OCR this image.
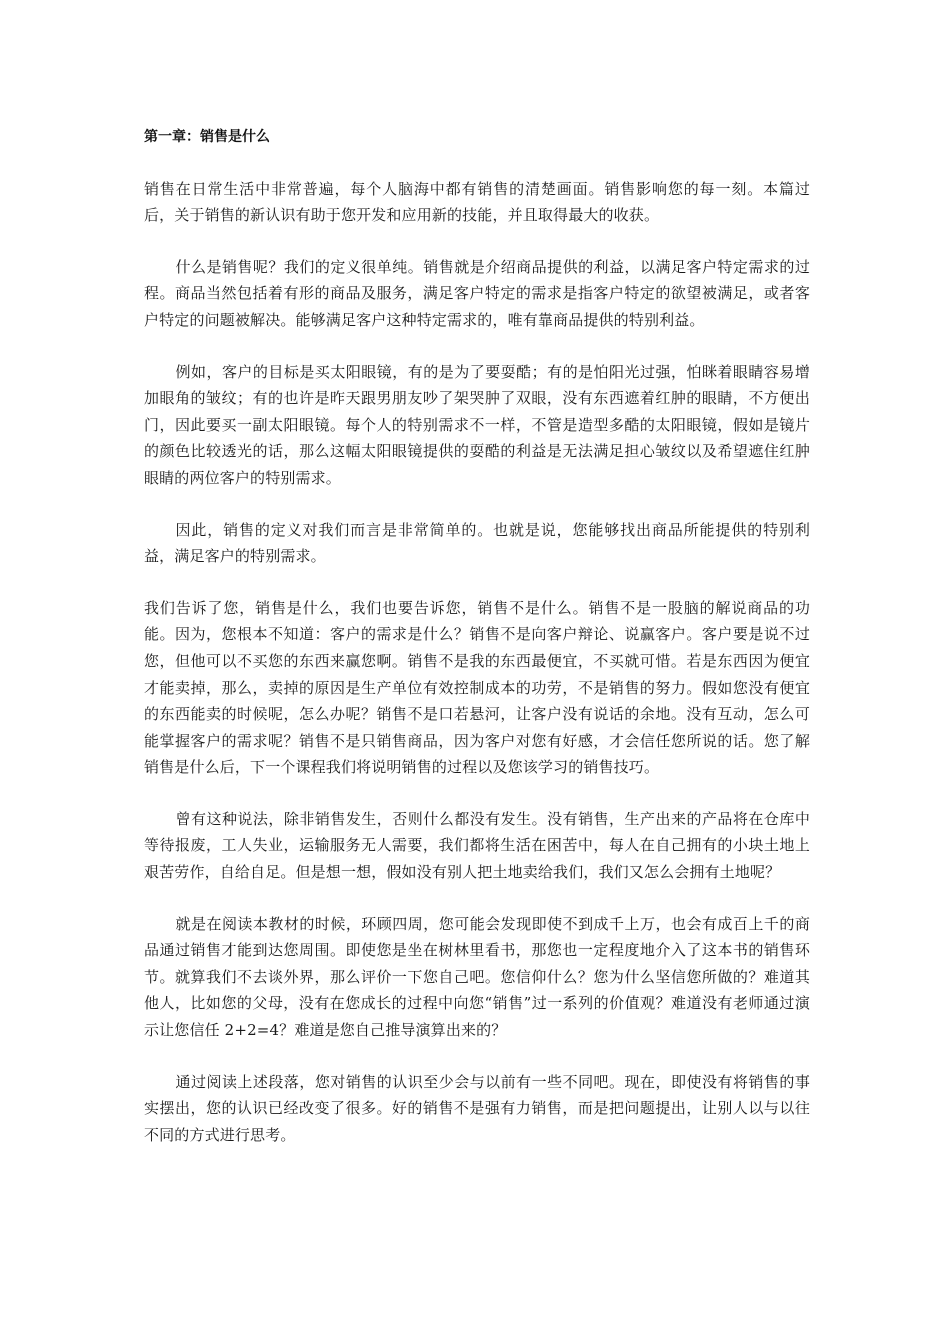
第一章：销售是什么

销售在日常生活中非常普遍，每个人脑海中都有销售的清楚画面。销售影响您的每一刻。本篇过后，关于销售的新认识有助于您开发和应用新的技能，并且取得最大的收获。

什么是销售呢？我们的定义很单纯。销售就是介绍商品提供的利益，以满足客户特定需求的过程。商品当然包括着有形的商品及服务，满足客户特定的需求是指客户特定的欲望被满足，或者客户特定的问题被解决。能够满足客户这种特定需求的，唯有靠商品提供的特别利益。

例如，客户的目标是买太阳眼镜，有的是为了要耍酷；有的是怕阳光过强，怕眯着眼睛容易增加眼角的皱纹；有的也许是昨天跟男朋友吵了架哭肿了双眼，没有东西遮着红肿的眼睛，不方便出门，因此要买一副太阳眼镜。每个人的特别需求不一样，不管是造型多酷的太阳眼镜，假如是镜片的颜色比较透光的话，那么这幅太阳眼镜提供的耍酷的利益是无法满足担心皱纹以及希望遮住红肿眼睛的两位客户的特别需求。

因此，销售的定义对我们而言是非常简单的。也就是说，您能够找出商品所能提供的特别利益，满足客户的特别需求。

我们告诉了您，销售是什么，我们也要告诉您，销售不是什么。销售不是一股脑的解说商品的功能。因为，您根本不知道：客户的需求是什么？销售不是向客户辩论、说赢客户。客户要是说不过您，但他可以不买您的东西来赢您啊。销售不是我的东西最便宜，不买就可惜。若是东西因为便宜才能卖掉，那么，卖掉的原因是生产单位有效控制成本的功劳，不是销售的努力。假如您没有便宜的东西能卖的时候呢，怎么办呢？销售不是口若悬河，让客户没有说话的余地。没有互动，怎么可能掌握客户的需求呢？销售不是只销售商品，因为客户对您有好感，才会信任您所说的话。您了解销售是什么后，下一个课程我们将说明销售的过程以及您该学习的销售技巧。

曾有这种说法，除非销售发生，否则什么都没有发生。没有销售，生产出来的产品将在仓库中等待报废，工人失业，运输服务无人需要，我们都将生活在困苦中，每人在自己拥有的小块土地上艰苦劳作，自给自足。但是想一想，假如没有别人把土地卖给我们，我们又怎么会拥有土地呢？

就是在阅读本教材的时候，环顾四周，您可能会发现即使不到成千上万，也会有成百上千的商品通过销售才能到达您周围。即使您是坐在树林里看书，那您也一定程度地介入了这本书的销售环节。就算我们不去谈外界，那么评价一下您自己吧。您信仰什么？您为什么坚信您所做的？难道其他人，比如您的父母，没有在您成长的过程中向您“销售”过一系列的价值观？难道没有老师通过演示让您信任 2+2=4？难道是您自己推导演算出来的？

通过阅读上述段落，您对销售的认识至少会与以前有一些不同吧。现在，即使没有将销售的事实摆出，您的认识已经改变了很多。好的销售不是强有力销售，而是把问题提出，让别人以与以往不同的方式进行思考。
